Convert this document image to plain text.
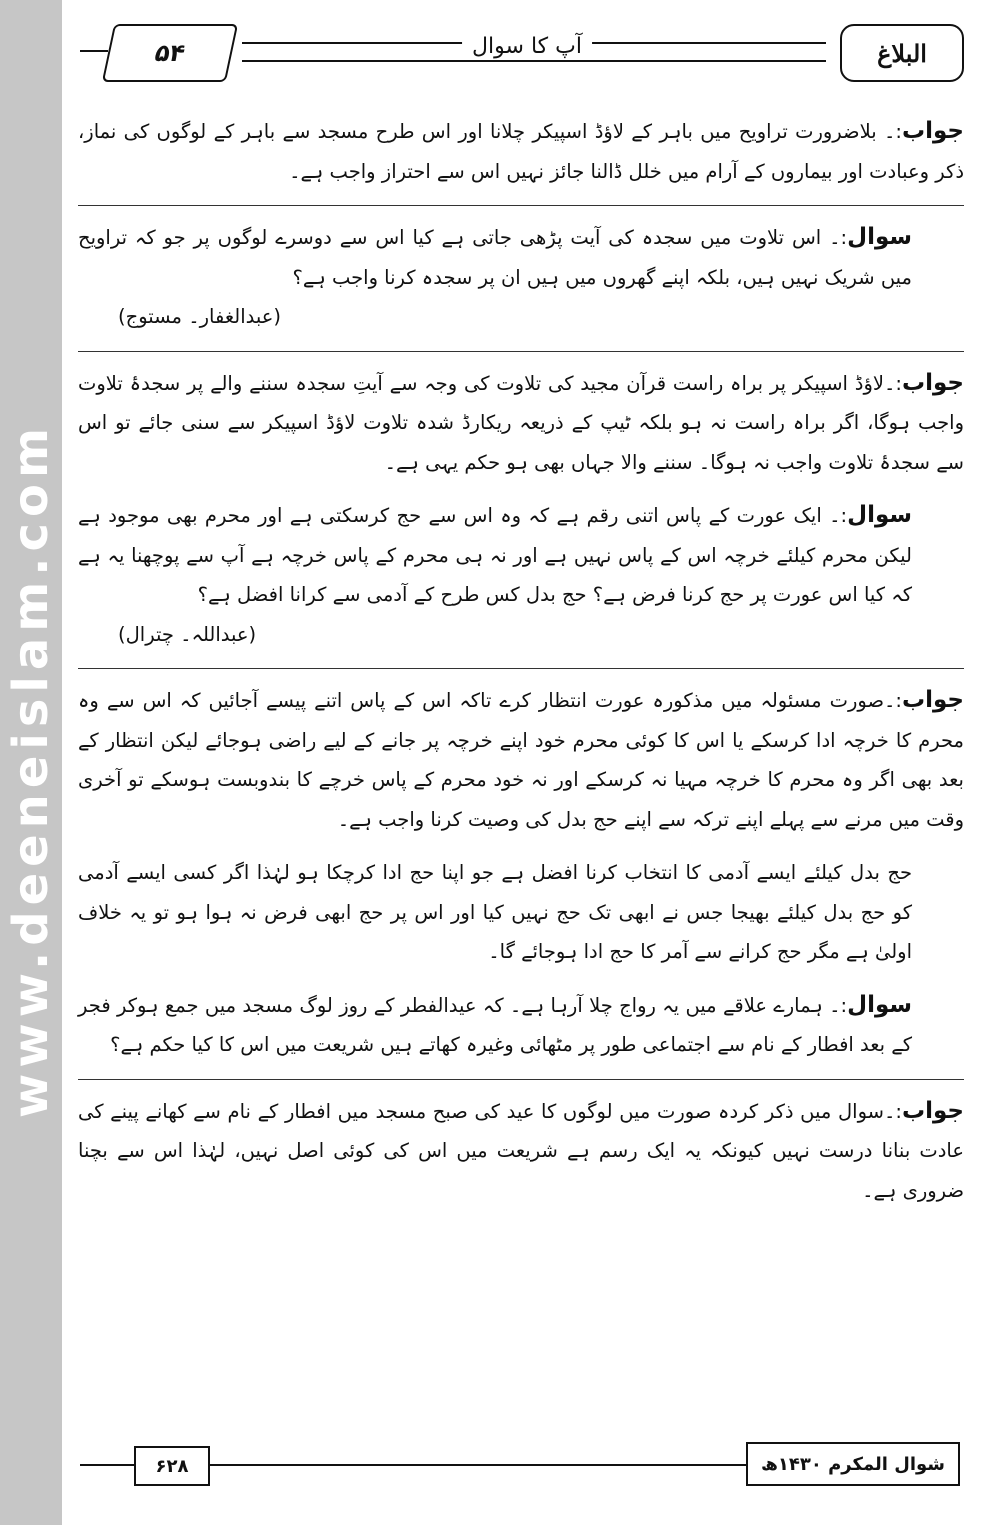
www.deeneislam.com
۵۴	آپ کا سوال	البلاغ
جواب:۔ بلاضرورت تراویح میں باہر کے لاؤڈ اسپیکر چلانا اور اس طرح مسجد سے باہر کے لوگوں کی نماز، ذکر وعبادت اور بیماروں کے آرام میں خلل ڈالنا جائز نہیں اس سے احتراز واجب ہے۔
سوال:۔ اس تلاوت میں سجدہ کی آیت پڑھی جاتی ہے کیا اس سے دوسرے لوگوں پر جو کہ تراویح میں شریک نہیں ہیں، بلکہ اپنے گھروں میں ہیں ان پر سجدہ کرنا واجب ہے؟
(عبدالغفار۔ مستوج)
جواب:۔لاؤڈ اسپیکر پر براہ راست قرآن مجید کی تلاوت کی وجہ سے آیتِ سجدہ سننے والے پر سجدۂ تلاوت واجب ہوگا، اگر براہ راست نہ ہو بلکہ ٹیپ کے ذریعہ ریکارڈ شدہ تلاوت لاؤڈ اسپیکر سے سنی جائے تو اس سے سجدۂ تلاوت واجب نہ ہوگا۔ سننے والا جہاں بھی ہو حکم یہی ہے۔
سوال:۔ ایک عورت کے پاس اتنی رقم ہے کہ وہ اس سے حج کرسکتی ہے اور محرم بھی موجود ہے لیکن محرم کیلئے خرچہ اس کے پاس نہیں ہے اور نہ ہی محرم کے پاس خرچہ ہے آپ سے پوچھنا یہ ہے کہ کیا اس عورت پر حج کرنا فرض ہے؟ حج بدل کس طرح کے آدمی سے کرانا افضل ہے؟
(عبداللہ۔ چترال)
جواب:۔صورت مسئولہ میں مذکورہ عورت انتظار کرے تاکہ اس کے پاس اتنے پیسے آجائیں کہ اس سے وہ محرم کا خرچہ ادا کرسکے یا اس کا کوئی محرم خود اپنے خرچہ پر جانے کے لیے راضی ہوجائے لیکن انتظار کے بعد بھی اگر وہ محرم کا خرچہ مہیا نہ کرسکے اور نہ خود محرم کے پاس خرچے کا بندوبست ہوسکے تو آخری وقت میں مرنے سے پہلے اپنے ترکہ سے اپنے حج بدل کی وصیت کرنا واجب ہے۔
حج بدل کیلئے ایسے آدمی کا انتخاب کرنا افضل ہے جو اپنا حج ادا کرچکا ہو لہٰذا اگر کسی ایسے آدمی کو حج بدل کیلئے بھیجا جس نے ابھی تک حج نہیں کیا اور اس پر حج ابھی فرض نہ ہوا ہو تو یہ خلاف اولیٰ ہے مگر حج کرانے سے آمر کا حج ادا ہوجائے گا۔
سوال:۔ ہمارے علاقے میں یہ رواج چلا آرہا ہے۔ کہ عیدالفطر کے روز لوگ مسجد میں جمع ہوکر فجر کے بعد افطار کے نام سے اجتماعی طور پر مٹھائی وغیرہ کھاتے ہیں شریعت میں اس کا کیا حکم ہے؟
جواب:۔سوال میں ذکر کردہ صورت میں لوگوں کا عید کی صبح مسجد میں افطار کے نام سے کھانے پینے کی عادت بنانا درست نہیں کیونکہ یہ ایک رسم ہے شریعت میں اس کی کوئی اصل نہیں، لہٰذا اس سے بچنا ضروری ہے۔
۶۲۸	شوال المکرم ۱۴۳۰ھ
